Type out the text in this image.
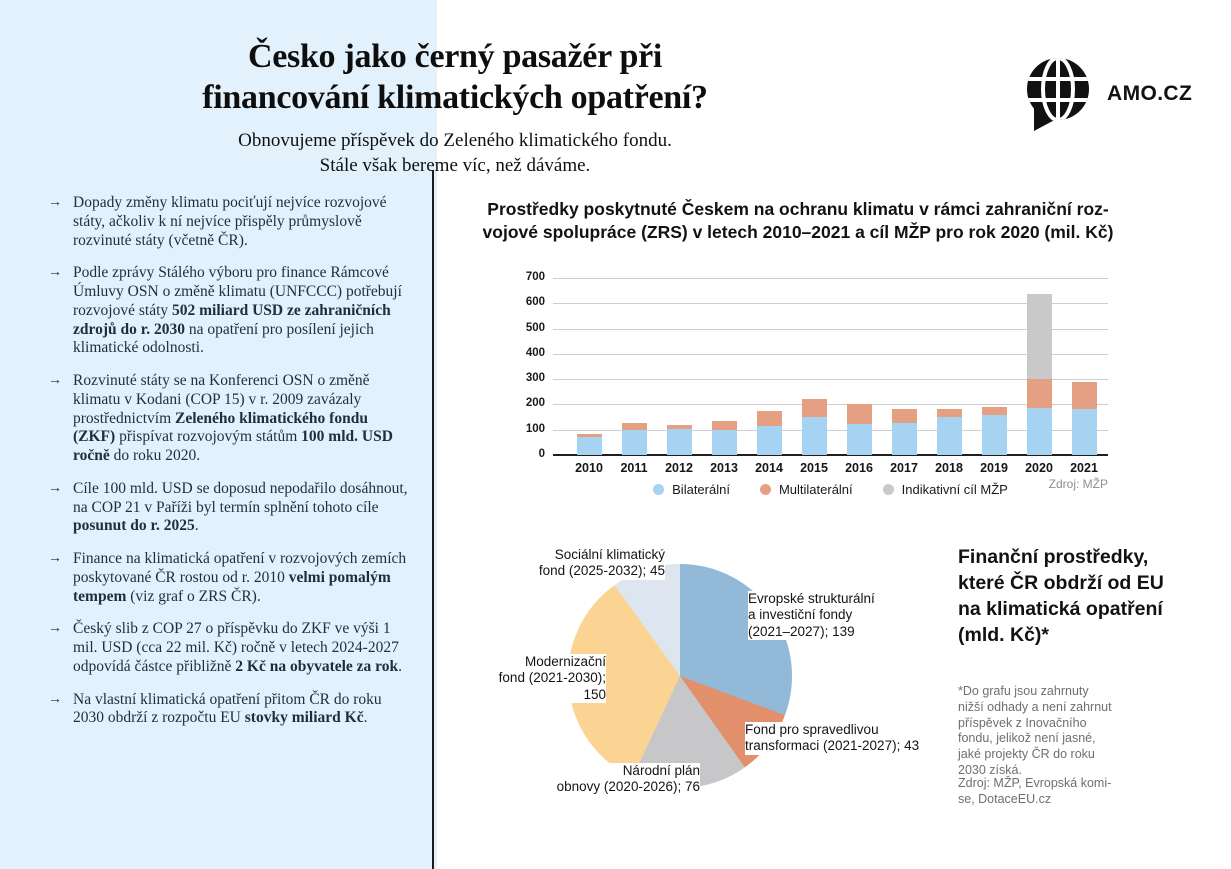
Česko jako černý pasažér při
financování klimatických opatření?

Obnovujeme příspěvek do Zeleného klimatického fondu.
Stále však bereme víc, než dáváme.

AMO.CZ
→ Dopady změny klimatu pociťují nejvíce rozvojové státy, ačkoliv k ní nejvíce přispěly průmyslově rozvinuté státy (včetně ČR).

→ Podle zprávy Stálého výboru pro finance Rámcové Úmluvy OSN o změně klimatu (UNFCCC) potřebují rozvojové státy 502 miliard USD ze zahraničních zdrojů do r. 2030 na opatření pro posílení jejich klimatické odolnosti.

→ Rozvinuté státy se na Konferenci OSN o změně klimatu v Kodani (COP 15) v r. 2009 zavázaly prostřednictvím Zeleného klimatického fondu (ZKF) přispívat rozvojovým státům 100 mld. USD ročně do roku 2020.

→ Cíle 100 mld. USD se doposud nepodařilo dosáhnout, na COP 21 v Paříži byl termín splnění tohoto cíle posunut do r. 2025.

→ Finance na klimatická opatření v rozvojových zemích poskytované ČR rostou od r. 2010 velmi pomalým tempem (viz graf o ZRS ČR).

→ Český slib z COP 27 o příspěvku do ZKF ve výši 1 mil. USD (cca 22 mil. Kč) ročně v letech 2024-2027 odpovídá částce přibližně 2 Kč na obyvatele za rok.

→ Na vlastní klimatická opatření přitom ČR do roku 2030 obdrží z rozpočtu EU stovky miliard Kč.

Prostředky poskytnuté Českem na ochranu klimatu v rámci zahraniční roz-
vojové spolupráce (ZRS) v letech 2010–2021 a cíl MŽP pro rok 2020 (mil. Kč)
0
100
200
300
400
500
600
700
2010	2011	2012	2013	2014	2015	2016	2017	2018	2019	2020	2021
Bilaterální	Multilaterální	Indikativní cíl MŽP	Zdroj: MŽP
Evropské strukturální
a investiční fondy
(2021–2027); 139
Fond pro spravedlivou
transformaci (2021-2027); 43
Národní plán
obnovy (2020-2026); 76
Modernizační
fond (2021-2030);
150
Sociální klimatický
fond (2025-2032); 45
Finanční prostředky,
které ČR obdrží od EU
na klimatická opatření
(mld. Kč)*
*Do grafu jsou zahrnuty
nižší odhady a není zahrnut
příspěvek z Inovačního
fondu, jelikož není jasné,
jaké projekty ČR do roku
2030 získá.
Zdroj: MŽP, Evropská komi-
se, DotaceEU.cz
